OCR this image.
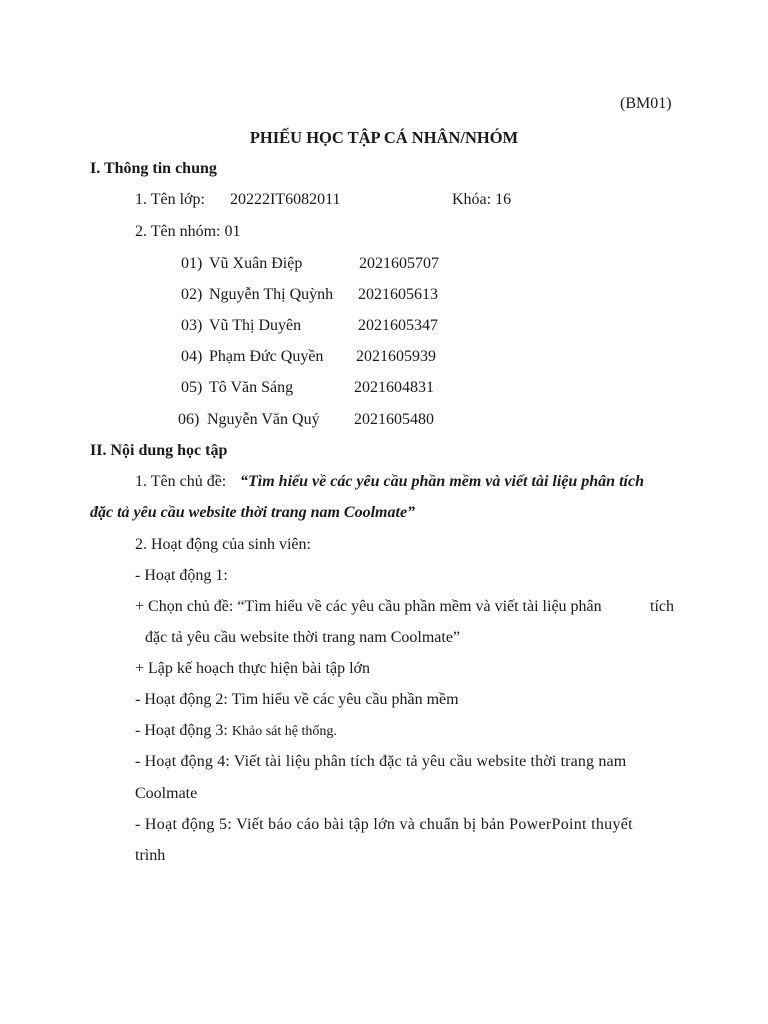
(BM01)
PHIẾU HỌC TẬP CÁ NHÂN/NHÓM
I. Thông tin chung
1. Tên lớp: 20222IT6082011	Khóa: 16
2. Tên nhóm: 01
01) Vũ Xuân Điệp	2021605707
02) Nguyễn Thị Quỳnh 2021605613
03) Vũ Thị Duyên	2021605347
04) Phạm Đức Quyền 2021605939
05) Tô Văn Sáng	2021604831
06) Nguyễn Văn Quý 2021605480
II. Nội dung học tập
1. Tên chủ đề: “Tìm hiểu về các yêu cầu phần mềm và viết tài liệu phân tích
đặc tả yêu cầu website thời trang nam Coolmate”
2. Hoạt động của sinh viên:
- Hoạt động 1:
+ Chọn chủ đề: “Tìm hiểu về các yêu cầu phần mềm và viết tài liệu phân	tích
đặc tả yêu cầu website thời trang nam Coolmate”
+ Lập kế hoạch thực hiện bài tập lớn
- Hoạt động 2: Tìm hiểu về các yêu cầu phần mềm
- Hoạt động 3: Khảo sát hệ thống.
- Hoạt động 4: Viết tài liệu phân tích đặc tả yêu cầu website thời trang nam
Coolmate
- Hoạt động 5: Viết báo cáo bài tập lớn và chuẩn bị bản PowerPoint thuyết
trình
